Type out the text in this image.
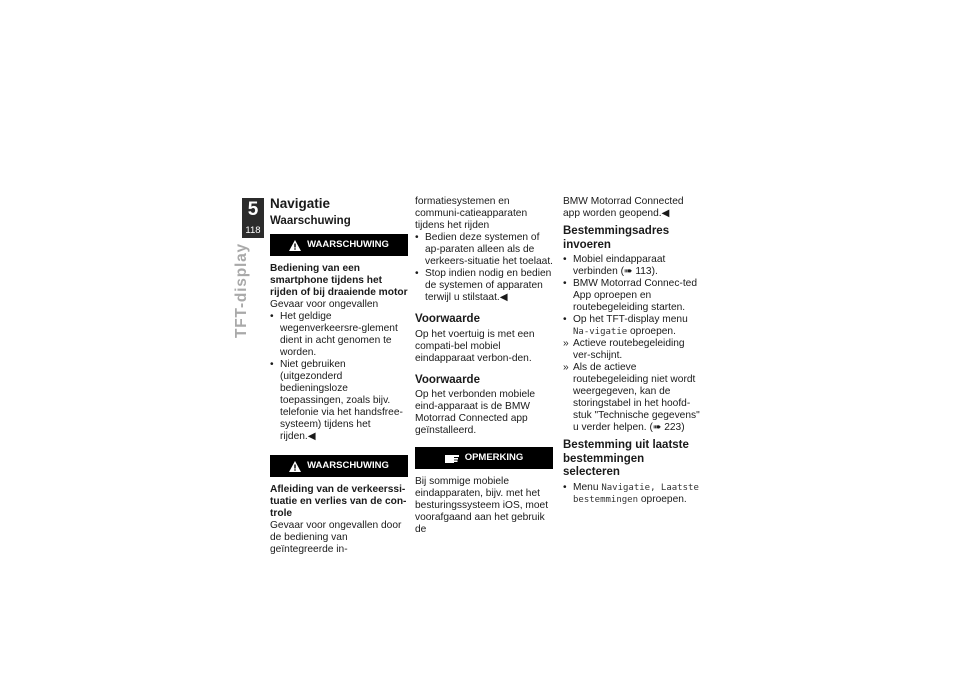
5
118
TFT-display
Navigatie
Waarschuwing
WAARSCHUWING

Bediening van een smartphone tijdens het rijden of bij draaiende motor

Gevaar voor ongevallen

• Het geldige wegenverkeersre-glement dient in acht genomen te worden.
• Niet gebruiken (uitgezonderd bedieningsloze toepassingen, zoals bijv. telefonie via het handsfree-systeem) tijdens het rijden.◀
WAARSCHUWING

Afleiding van de verkeerssi-tuatie en verlies van de con-trole

Gevaar voor ongevallen door de bediening van geïntegreerde in-

formatiesystemen en communi-catieapparaten tijdens het rijden

• Bedien deze systemen of ap-paraten alleen als de verkeers-situatie het toelaat.
• Stop indien nodig en bedien de systemen of apparaten terwijl u stilstaat.◀
Voorwaarde

Op het voertuig is met een compati-bel mobiel eindapparaat verbon-den.

Voorwaarde

Op het verbonden mobiele eind-apparaat is de BMW Motorrad Connected app geïnstalleerd.

OPMERKING

Bij sommige mobiele eindapparaten, bijv. met het besturingssysteem iOS, moet voorafgaand aan het gebruik de

BMW Motorrad Connected app worden geopend.◀

Bestemmingsadres invoeren
• Mobiel eindapparaat verbinden (➠ 113).
• BMW Motorrad Connec-ted App oproepen en routebegeleiding starten.
• Op het TFT-display menu Na-vigatie oproepen.
» Actieve routebegeleiding ver-schijnt.
» Als de actieve routebegeleiding niet wordt weergegeven, kan de storingstabel in het hoofd-stuk "Technische gegevens" u verder helpen. (➠ 223)
Bestemming uit laatste bestemmingen selecteren
• Menu Navigatie, Laatste bestemmingen oproepen.
